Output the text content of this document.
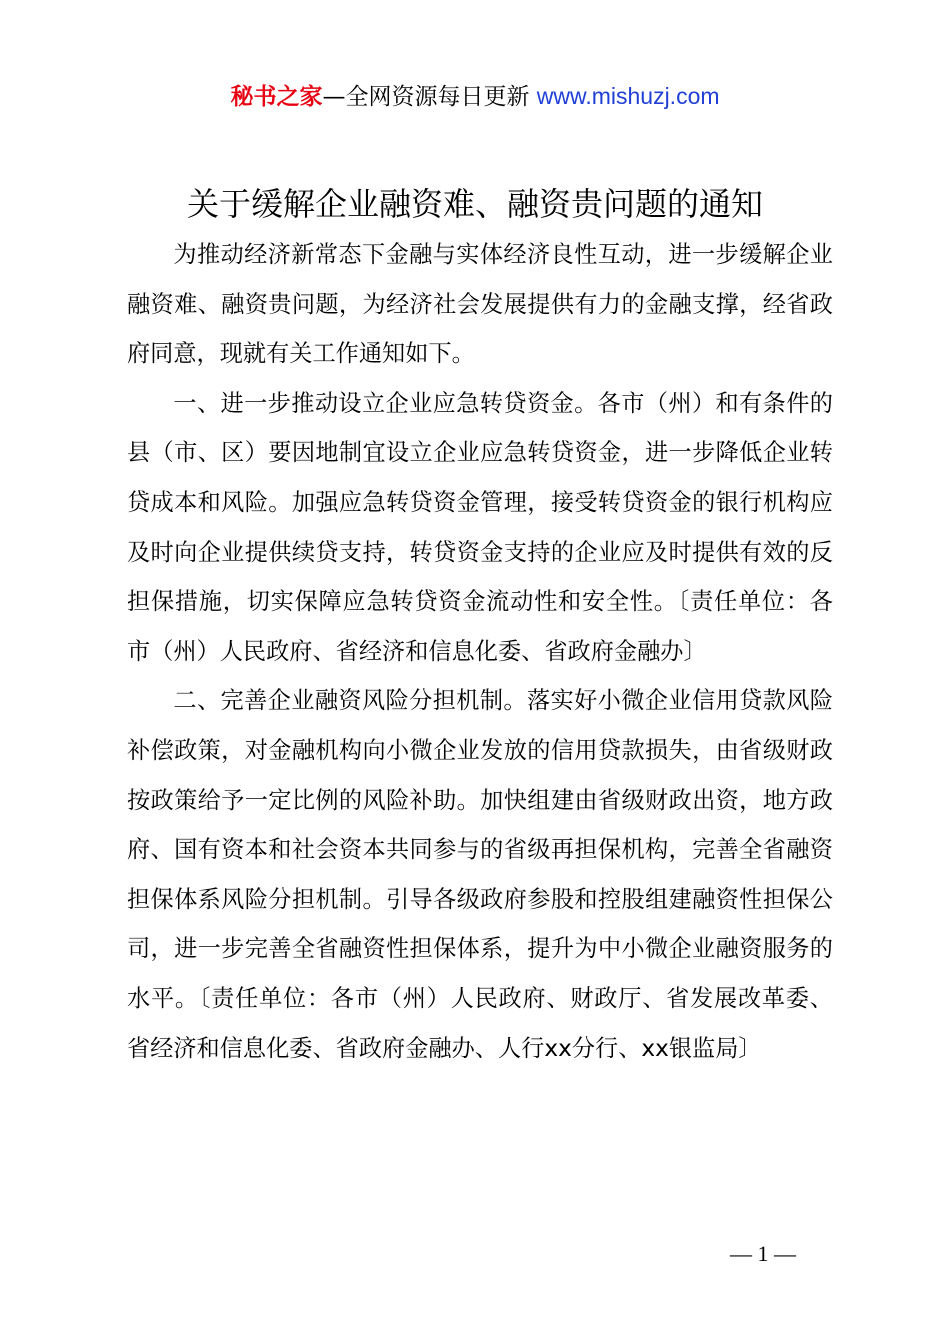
秘书之家—全网资源每日更新 www.mishuzj.com
关于缓解企业融资难、融资贵问题的通知

为推动经济新常态下金融与实体经济良性互动，进一步缓解企业融资难、融资贵问题，为经济社会发展提供有力的金融支撑，经省政府同意，现就有关工作通知如下。

一、进一步推动设立企业应急转贷资金。各市（州）和有条件的县（市、区）要因地制宜设立企业应急转贷资金，进一步降低企业转贷成本和风险。加强应急转贷资金管理，接受转贷资金的银行机构应及时向企业提供续贷支持，转贷资金支持的企业应及时提供有效的反担保措施，切实保障应急转贷资金流动性和安全性。〔责任单位：各市（州）人民政府、省经济和信息化委、省政府金融办〕

二、完善企业融资风险分担机制。落实好小微企业信用贷款风险补偿政策，对金融机构向小微企业发放的信用贷款损失，由省级财政按政策给予一定比例的风险补助。加快组建由省级财政出资，地方政府、国有资本和社会资本共同参与的省级再担保机构，完善全省融资担保体系风险分担机制。引导各级政府参股和控股组建融资性担保公司，进一步完善全省融资性担保体系，提升为中小微企业融资服务的水平。〔责任单位：各市（州）人民政府、财政厅、省发展改革委、省经济和信息化委、省政府金融办、人行xx分行、xx银监局〕

— 1 —
